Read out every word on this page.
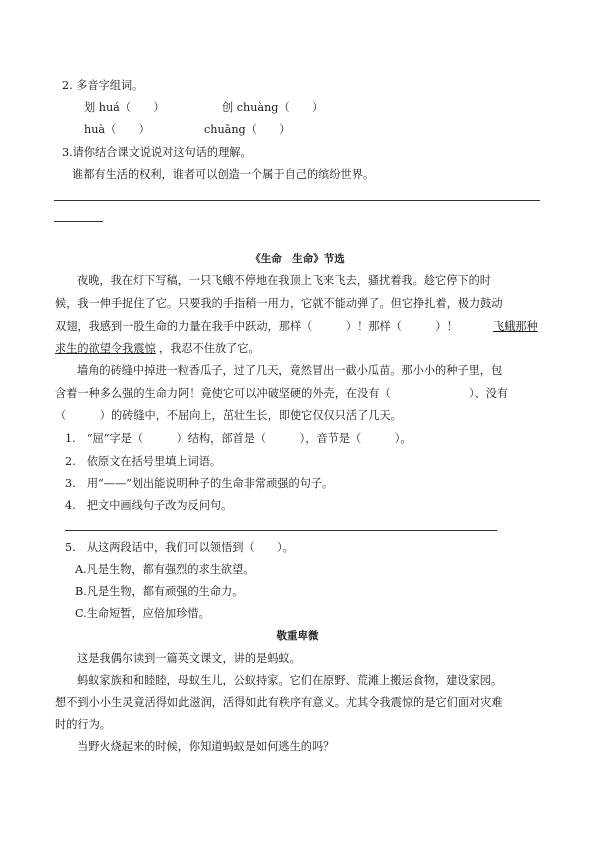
2. 多音字组词。
划 huá（　　）	创 chuàng（　　）
huà（　　）	chuāng（　　）
3.请你结合课文说说对这句话的理解。
谁都有生活的权利，谁者可以创造一个属于自己的缤纷世界。
《生命　生命》节选
夜晚，我在灯下写稿，一只飞蛾不停地在我顶上飞来飞去，骚扰着我。趁它停下的时
候，我一伸手捉住了它。只要我的手指稍一用力，它就不能动弹了。但它挣扎着，极力鼓动
双翅，我感到一股生命的力量在我手中跃动，那样（　　　）！那样（　　　）！	飞蛾那种
求生的欲望令我震惊 ，我忍不住放了它。
墙角的砖缝中掉进一粒香瓜子，过了几天，竟然冒出一截小瓜苗。那小小的种子里，包
含着一种多么强的生命力阿！竟使它可以冲破坚硬的外壳，在没有（　　　　　　　）、没有
（　　　）的砖缝中，不屈向上，茁壮生长，即使它仅仅只活了几天。
1.　“屈”字是（　　　）结构，部首是（　　　），音节是（　　　）。
2.　依原文在括号里填上词语。
3.　用“——”划出能说明种子的生命非常顽强的句子。
4.　把文中画线句子改为反问句。
5.　从这两段话中，我们可以领悟到（　　）。
A.凡是生物，都有强烈的求生欲望。
B.凡是生物，都有顽强的生命力。
C.生命短暂，应倍加珍惜。
敬重卑微
这是我偶尔读到一篇英文课文，讲的是蚂蚁。
蚂蚁家族和和睦睦，母蚁生儿，公蚁持家。它们在原野、荒滩上搬运食物，建设家园。
想不到小小生灵竟活得如此滋润，活得如此有秩序有意义。尤其令我震惊的是它们面对灾难
时的行为。
当野火烧起来的时候，你知道蚂蚁是如何逃生的吗？
